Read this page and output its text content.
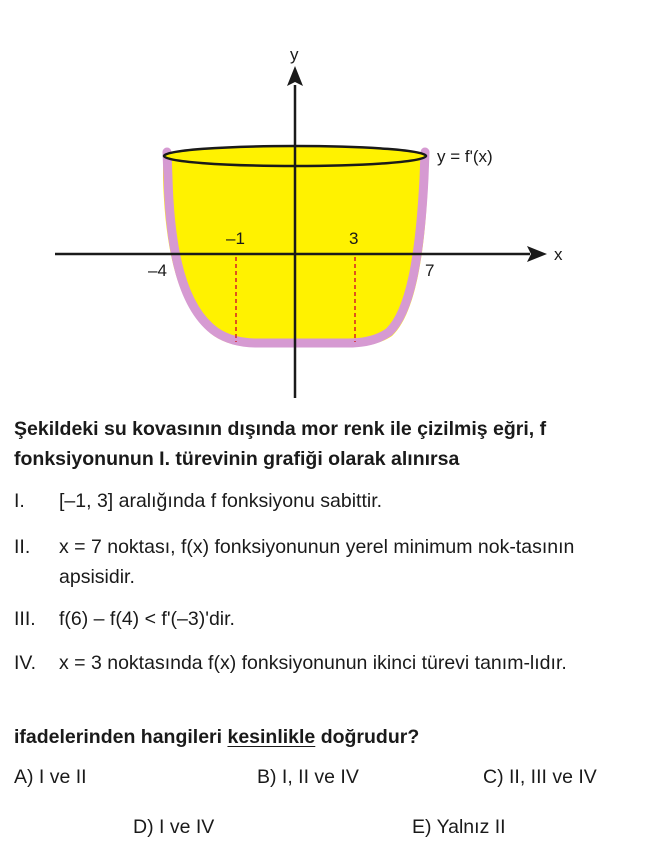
y
x
y = f'(x)
–1	3
–4	7
Şekildeki su kovasının dışında mor renk ile çizilmiş eğri, f fonksiyonunun I. türevinin grafiği olarak alınırsa
I. [–1, 3] aralığında f fonksiyonu sabittir.
II. x = 7 noktası, f(x) fonksiyonunun yerel minimum nok-tasının apsisidir.
III. f(6) – f(4) < f'(–3)'dir.
IV. x = 3 noktasında f(x) fonksiyonunun ikinci türevi tanım-lıdır.
ifadelerinden hangileri kesinlikle doğrudur?
A) I ve II	B) I, II ve IV	C) II, III ve IV
D) I ve IV	E) Yalnız II
